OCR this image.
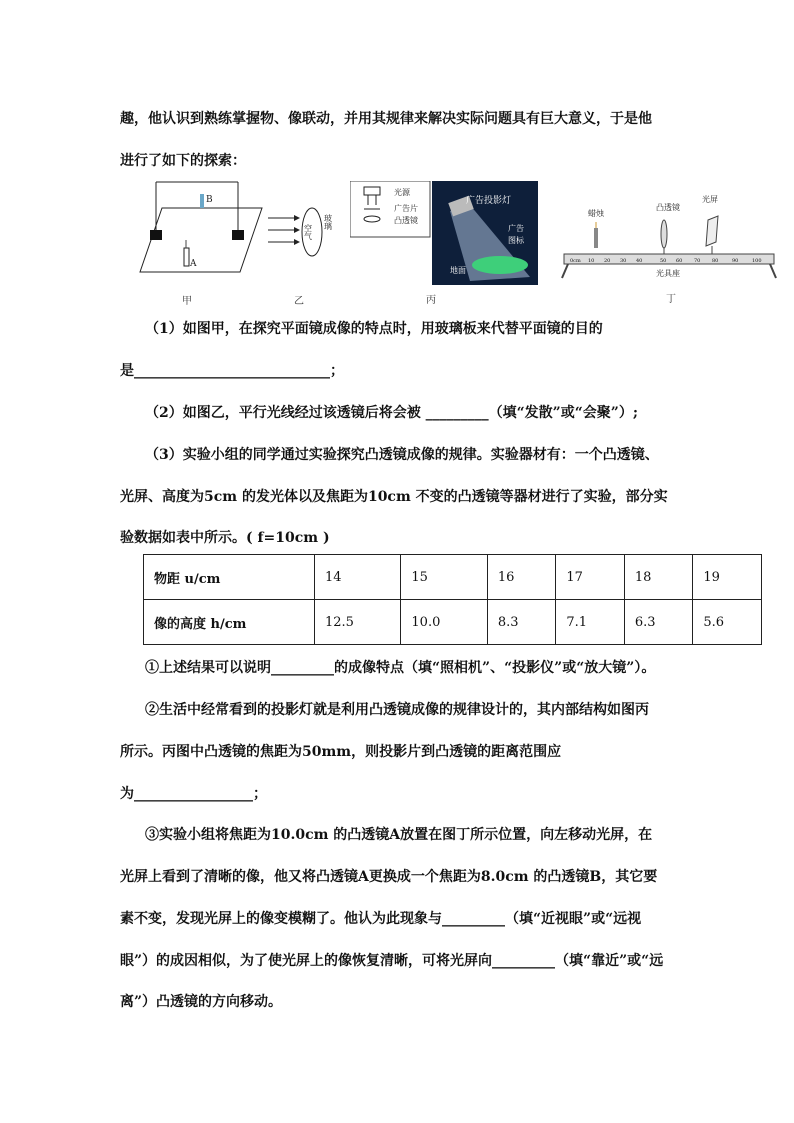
趣，他认识到熟练掌握物、像联动，并用其规律来解决实际问题具有巨大意义，于是他
进行了如下的探索：
B
A
甲
空气
玻璃
乙
光源
广告片
凸透镜
广告投影灯
广告
图标
地面
丙
蜡烛
凸透镜
光屏
0cm 10 20 30 40	50 60 70 80	90	100
光具座
丁
（1）如图甲，在探究平面镜成像的特点时，用玻璃板来代替平面镜的目的
是____________________________；
（2）如图乙，平行光线经过该透镜后将会被 _________（填“发散”或“会聚”）;
（3）实验小组的同学通过实验探究凸透镜成像的规律。实验器材有：一个凸透镜、
光屏、高度为5cm 的发光体以及焦距为10cm 不变的凸透镜等器材进行了实验，部分实
验数据如表中所示。( f=10cm )
物距 u/cm	14	15	16	17	18	19
像的高度 h/cm	12.5	10.0	8.3	7.1	6.3	5.6
①上述结果可以说明_________的成像特点（填“照相机”、“投影仪”或“放大镜”）。
②生活中经常看到的投影灯就是利用凸透镜成像的规律设计的，其内部结构如图丙
所示。丙图中凸透镜的焦距为50mm，则投影片到凸透镜的距离范围应
为_________________；
③实验小组将焦距为10.0cm 的凸透镜A放置在图丁所示位置，向左移动光屏，在
光屏上看到了清晰的像，他又将凸透镜A更换成一个焦距为8.0cm 的凸透镜B，其它要
素不变，发现光屏上的像变模糊了。他认为此现象与_________（填“近视眼”或“远视
眼”）的成因相似，为了使光屏上的像恢复清晰，可将光屏向_________（填“靠近”或“远
离”）凸透镜的方向移动。
